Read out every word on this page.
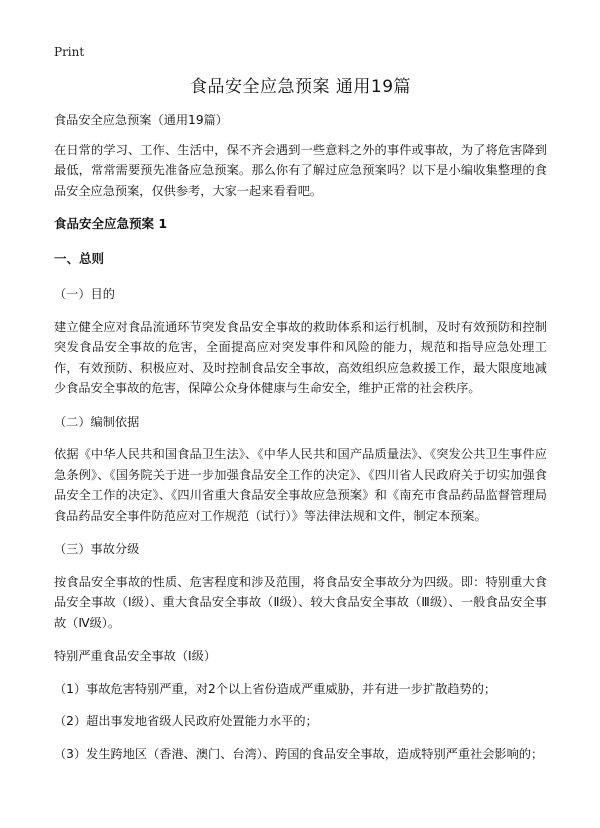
Print
食品安全应急预案 通用19篇

食品安全应急预案（通用19篇）

在日常的学习、工作、生活中，保不齐会遇到一些意料之外的事件或事故，为了将危害降到最低，常常需要预先准备应急预案。那么你有了解过应急预案吗？以下是小编收集整理的食品安全应急预案，仅供参考，大家一起来看看吧。

食品安全应急预案 1
一、总则

（一）目的

建立健全应对食品流通环节突发食品安全事故的救助体系和运行机制，及时有效预防和控制突发食品安全事故的危害，全面提高应对突发事件和风险的能力，规范和指导应急处理工作，有效预防、积极应对、及时控制食品安全事故，高效组织应急救援工作，最大限度地减少食品安全事故的危害，保障公众身体健康与生命安全，维护正常的社会秩序。

（二）编制依据

依据《中华人民共和国食品卫生法》、《中华人民共和国产品质量法》、《突发公共卫生事件应急条例》、《国务院关于进一步加强食品安全工作的决定》、《四川省人民政府关于切实加强食品安全工作的决定》、《四川省重大食品安全事故应急预案》和《南充市食品药品监督管理局食品药品安全事件防范应对工作规范（试行）》等法律法规和文件，制定本预案。

（三）事故分级

按食品安全事故的性质、危害程度和涉及范围，将食品安全事故分为四级。即：特别重大食品安全事故（Ⅰ级）、重大食品安全事故（Ⅱ级）、较大食品安全事故（Ⅲ级）、一般食品安全事故（Ⅳ级）。

特别严重食品安全事故（Ⅰ级）

（1）事故危害特别严重，对2个以上省份造成严重威胁，并有进一步扩散趋势的；

（2）超出事发地省级人民政府处置能力水平的；

（3）发生跨地区（香港、澳门、台湾）、跨国的食品安全事故，造成特别严重社会影响的；
